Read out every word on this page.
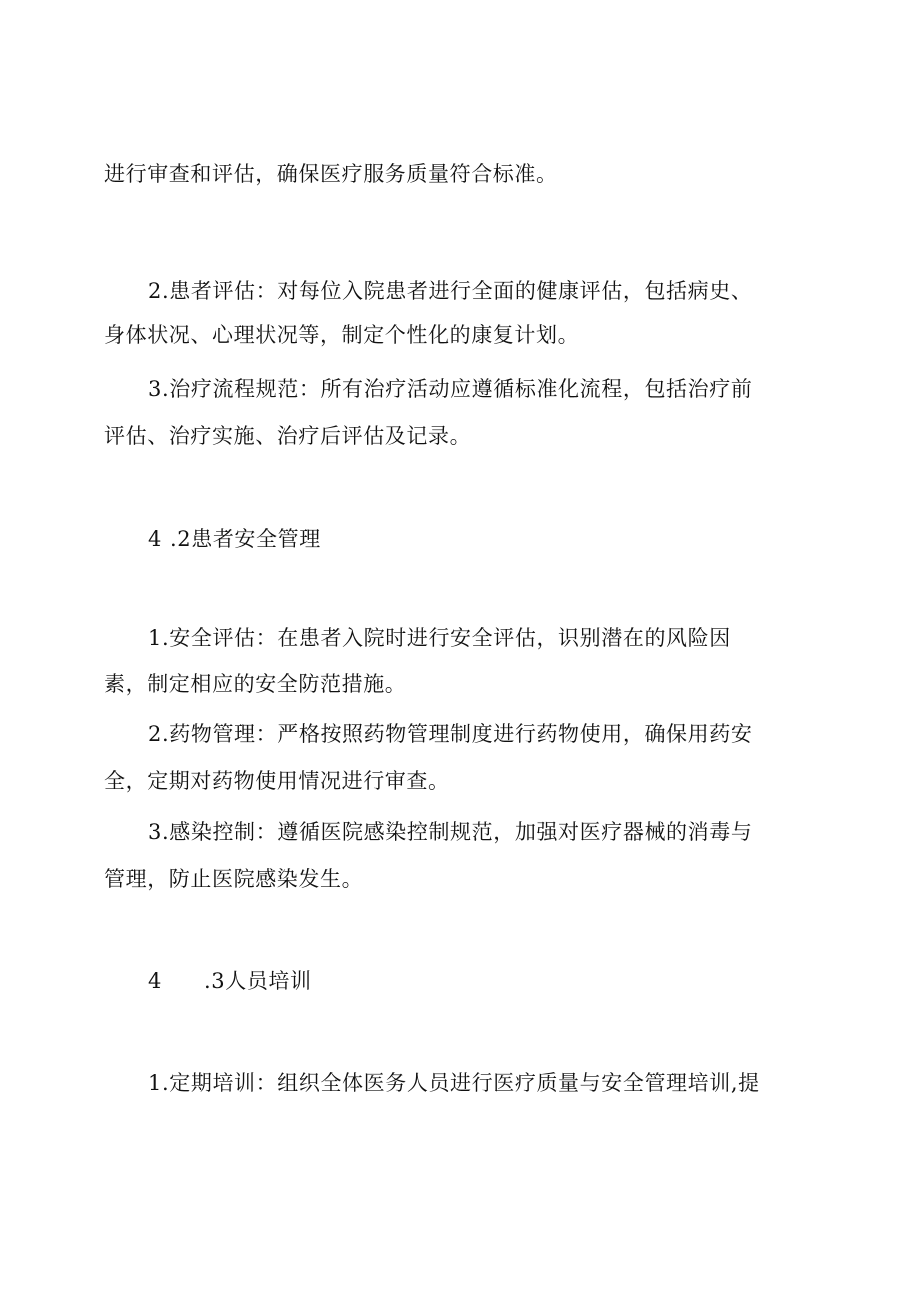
进行审查和评估，确保医疗服务质量符合标准。
2.患者评估：对每位入院患者进行全面的健康评估，包括病史、
身体状况、心理状况等，制定个性化的康复计划。
3.治疗流程规范：所有治疗活动应遵循标准化流程，包括治疗前
评估、治疗实施、治疗后评估及记录。
4 .2患者安全管理
1.安全评估：在患者入院时进行安全评估，识别潜在的风险因
素，制定相应的安全防范措施。
2.药物管理：严格按照药物管理制度进行药物使用，确保用药安
全，定期对药物使用情况进行审查。
3.感染控制：遵循医院感染控制规范，加强对医疗器械的消毒与
管理，防止医院感染发生。
4 .3人员培训
1.定期培训：组织全体医务人员进行医疗质量与安全管理培训,提
